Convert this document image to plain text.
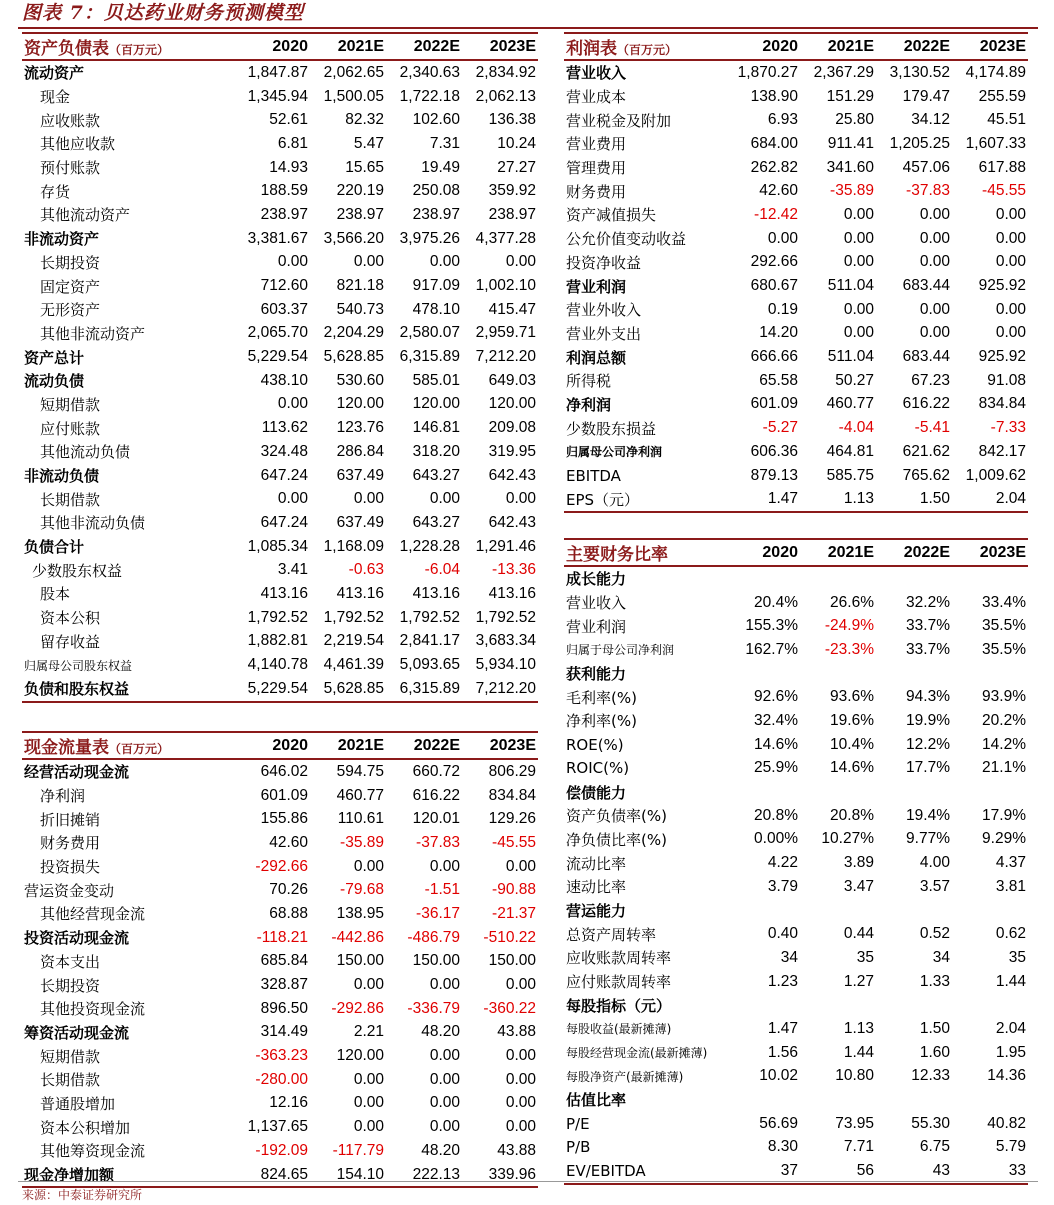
图表 7：贝达药业财务预测模型
资产负债表（百万元）	2020	2021E	2022E	2023E
流动资产	1,847.87	2,062.65	2,340.63	2,834.92
现金	1,345.94	1,500.05	1,722.18	2,062.13
应收账款	52.61	82.32	102.60	136.38
其他应收款	6.81	5.47	7.31	10.24
预付账款	14.93	15.65	19.49	27.27
存货	188.59	220.19	250.08	359.92
其他流动资产	238.97	238.97	238.97	238.97
非流动资产	3,381.67	3,566.20	3,975.26	4,377.28
长期投资	0.00	0.00	0.00	0.00
固定资产	712.60	821.18	917.09	1,002.10
无形资产	603.37	540.73	478.10	415.47
其他非流动资产	2,065.70	2,204.29	2,580.07	2,959.71
资产总计	5,229.54	5,628.85	6,315.89	7,212.20
流动负债	438.10	530.60	585.01	649.03
短期借款	0.00	120.00	120.00	120.00
应付账款	113.62	123.76	146.81	209.08
其他流动负债	324.48	286.84	318.20	319.95
非流动负债	647.24	637.49	643.27	642.43
长期借款	0.00	0.00	0.00	0.00
其他非流动负债	647.24	637.49	643.27	642.43
负债合计	1,085.34	1,168.09	1,228.28	1,291.46
少数股东权益	3.41	-0.63	-6.04	-13.36
股本	413.16	413.16	413.16	413.16
资本公积	1,792.52	1,792.52	1,792.52	1,792.52
留存收益	1,882.81	2,219.54	2,841.17	3,683.34
归属母公司股东权益	4,140.78	4,461.39	5,093.65	5,934.10
负债和股东权益	5,229.54	5,628.85	6,315.89	7,212.20
现金流量表（百万元）	2020	2021E	2022E	2023E
经营活动现金流	646.02	594.75	660.72	806.29
净利润	601.09	460.77	616.22	834.84
折旧摊销	155.86	110.61	120.01	129.26
财务费用	42.60	-35.89	-37.83	-45.55
投资损失	-292.66	0.00	0.00	0.00
营运资金变动	70.26	-79.68	-1.51	-90.88
其他经营现金流	68.88	138.95	-36.17	-21.37
投资活动现金流	-118.21	-442.86	-486.79	-510.22
资本支出	685.84	150.00	150.00	150.00
长期投资	328.87	0.00	0.00	0.00
其他投资现金流	896.50	-292.86	-336.79	-360.22
筹资活动现金流	314.49	2.21	48.20	43.88
短期借款	-363.23	120.00	0.00	0.00
长期借款	-280.00	0.00	0.00	0.00
普通股增加	12.16	0.00	0.00	0.00
资本公积增加	1,137.65	0.00	0.00	0.00
其他筹资现金流	-192.09	-117.79	48.20	43.88
现金净增加额	824.65	154.10	222.13	339.96
利润表（百万元）	2020	2021E	2022E	2023E
营业收入	1,870.27	2,367.29	3,130.52	4,174.89
营业成本	138.90	151.29	179.47	255.59
营业税金及附加	6.93	25.80	34.12	45.51
营业费用	684.00	911.41	1,205.25	1,607.33
管理费用	262.82	341.60	457.06	617.88
财务费用	42.60	-35.89	-37.83	-45.55
资产减值损失	-12.42	0.00	0.00	0.00
公允价值变动收益	0.00	0.00	0.00	0.00
投资净收益	292.66	0.00	0.00	0.00
营业利润	680.67	511.04	683.44	925.92
营业外收入	0.19	0.00	0.00	0.00
营业外支出	14.20	0.00	0.00	0.00
利润总额	666.66	511.04	683.44	925.92
所得税	65.58	50.27	67.23	91.08
净利润	601.09	460.77	616.22	834.84
少数股东损益	-5.27	-4.04	-5.41	-7.33
归属母公司净利润	606.36	464.81	621.62	842.17
EBITDA	879.13	585.75	765.62	1,009.62
EPS（元）	1.47	1.13	1.50	2.04
主要财务比率	2020	2021E	2022E	2023E
成长能力				
营业收入	20.4%	26.6%	32.2%	33.4%
营业利润	155.3%	-24.9%	33.7%	35.5%
归属于母公司净利润	162.7%	-23.3%	33.7%	35.5%
获利能力				
毛利率(%)	92.6%	93.6%	94.3%	93.9%
净利率(%)	32.4%	19.6%	19.9%	20.2%
ROE(%)	14.6%	10.4%	12.2%	14.2%
ROIC(%)	25.9%	14.6%	17.7%	21.1%
偿债能力				
资产负债率(%)	20.8%	20.8%	19.4%	17.9%
净负债比率(%)	0.00%	10.27%	9.77%	9.29%
流动比率	4.22	3.89	4.00	4.37
速动比率	3.79	3.47	3.57	3.81
营运能力				
总资产周转率	0.40	0.44	0.52	0.62
应收账款周转率	34	35	34	35
应付账款周转率	1.23	1.27	1.33	1.44
每股指标（元）				
每股收益(最新摊薄)	1.47	1.13	1.50	2.04
每股经营现金流(最新摊薄)	1.56	1.44	1.60	1.95
每股净资产(最新摊薄)	10.02	10.80	12.33	14.36
估值比率				
P/E	56.69	73.95	55.30	40.82
P/B	8.30	7.71	6.75	5.79
EV/EBITDA	37	56	43	33
来源：中泰证券研究所
